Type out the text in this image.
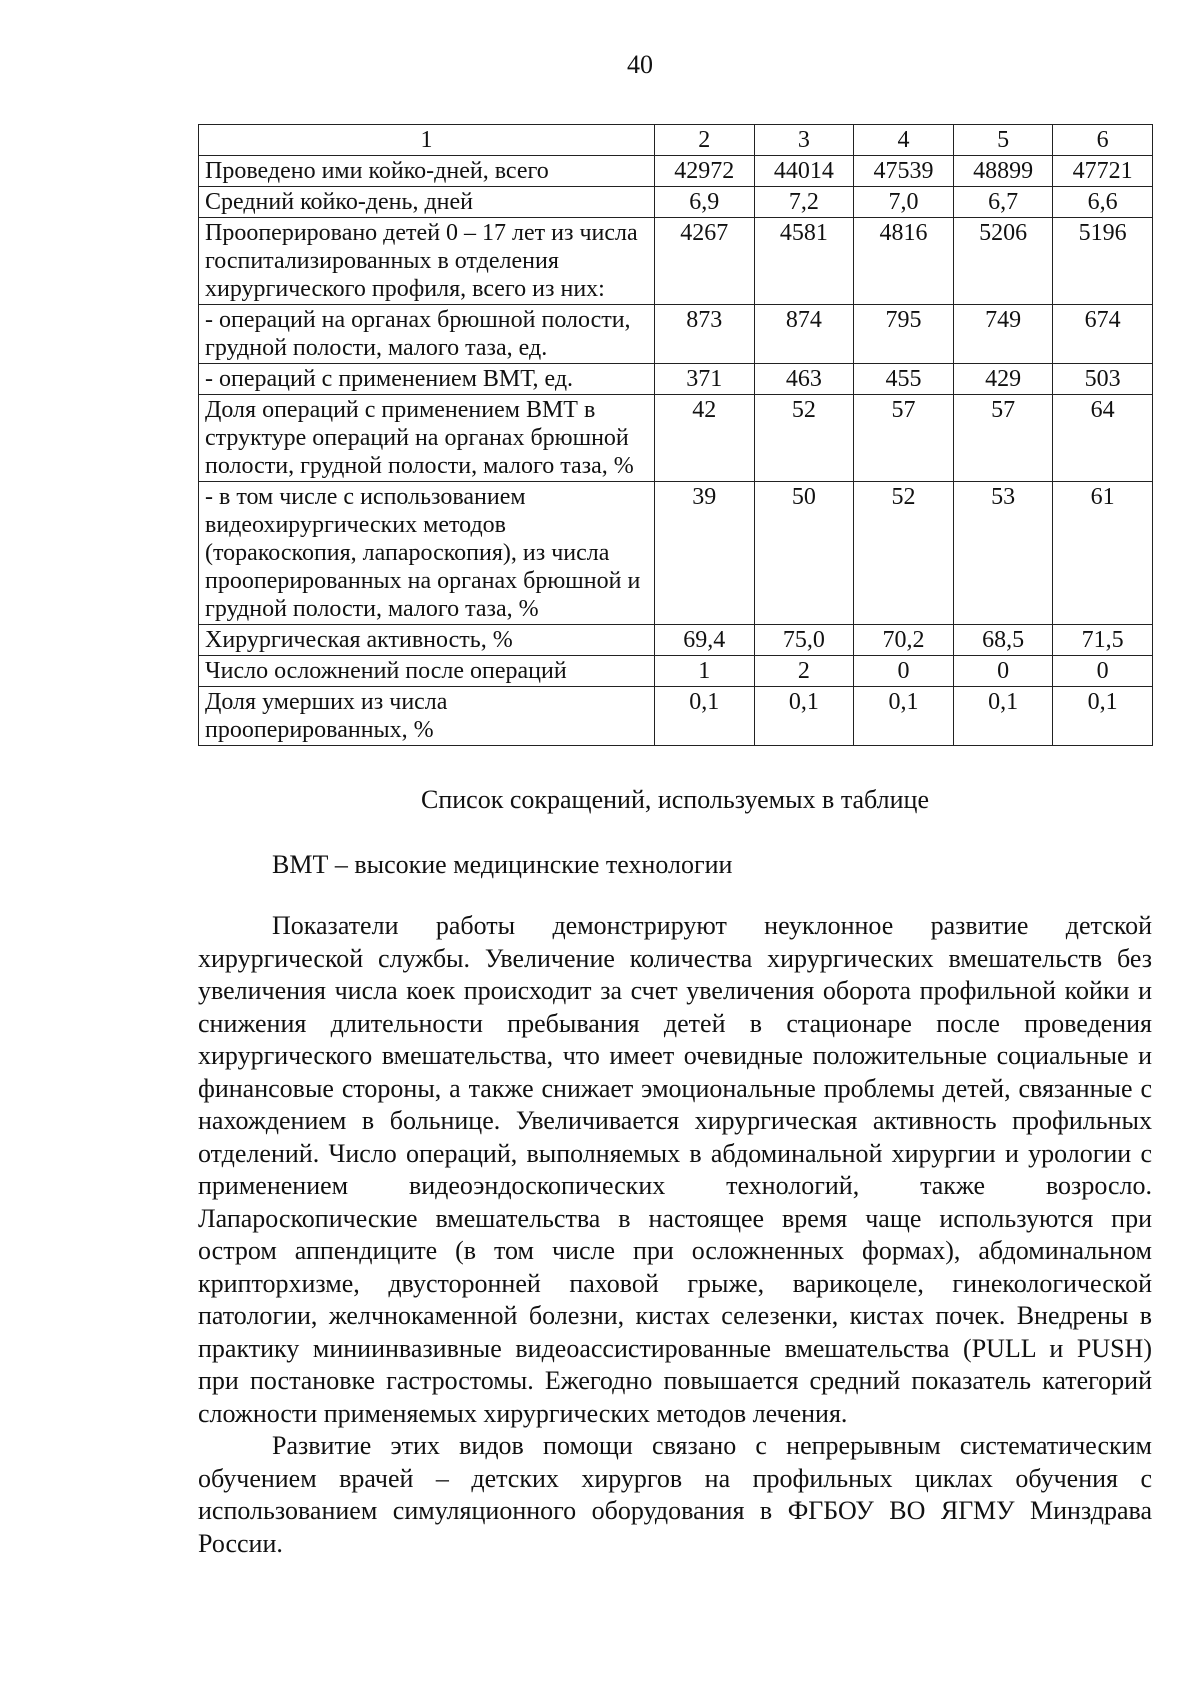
40
1	2	3	4	5	6
Проведено ими койко-дней, всего	42972	44014	47539	48899	47721
Средний койко-день, дней	6,9	7,2	7,0	6,7	6,6
Прооперировано детей 0 – 17 лет из числа госпитализированных в отделения хирургического профиля, всего из них:	4267	4581	4816	5206	5196
- операций на органах брюшной полости, грудной полости, малого таза, ед.	873	874	795	749	674
- операций с применением ВМТ, ед.	371	463	455	429	503
Доля операций с применением ВМТ в структуре операций на органах брюшной полости, грудной полости, малого таза, %	42	52	57	57	64
- в том числе с использованием видеохирургических методов (торакоскопия, лапароскопия), из числа прооперированных на органах брюшной и грудной полости, малого таза, %	39	50	52	53	61
Хирургическая активность, %	69,4	75,0	70,2	68,5	71,5
Число осложнений после операций	1	2	0	0	0
Доля умерших из числа прооперированных, %	0,1	0,1	0,1	0,1	0,1
Список сокращений, используемых в таблице
ВМТ – высокие медицинские технологии

Показатели работы демонстрируют неуклонное развитие детской хирургической службы. Увеличение количества хирургических вмешательств без увеличения числа коек происходит за счет увеличения оборота профильной койки и снижения длительности пребывания детей в стационаре после проведения хирургического вмешательства, что имеет очевидные положительные социальные и финансовые стороны, а также снижает эмоциональные проблемы детей, связанные с нахождением в больнице. Увеличивается хирургическая активность профильных отделений. Число операций, выполняемых в абдоминальной хирургии и урологии с применением видеоэндоскопических технологий, также возросло. Лапароскопические вмешательства в настоящее время чаще используются при остром аппендиците (в том числе при осложненных формах), абдоминальном крипторхизме, двусторонней паховой грыже, варикоцеле, гинекологической патологии, желчнокаменной болезни, кистах селезенки, кистах почек. Внедрены в практику миниинвазивные видеоассистированные вмешательства (PULL и PUSH) при постановке гастростомы. Ежегодно повышается средний показатель категорий сложности применяемых хирургических методов лечения.

Развитие этих видов помощи связано с непрерывным систематическим обучением врачей – детских хирургов на профильных циклах обучения с использованием симуляционного оборудования в ФГБОУ ВО ЯГМУ Минздрава России.
